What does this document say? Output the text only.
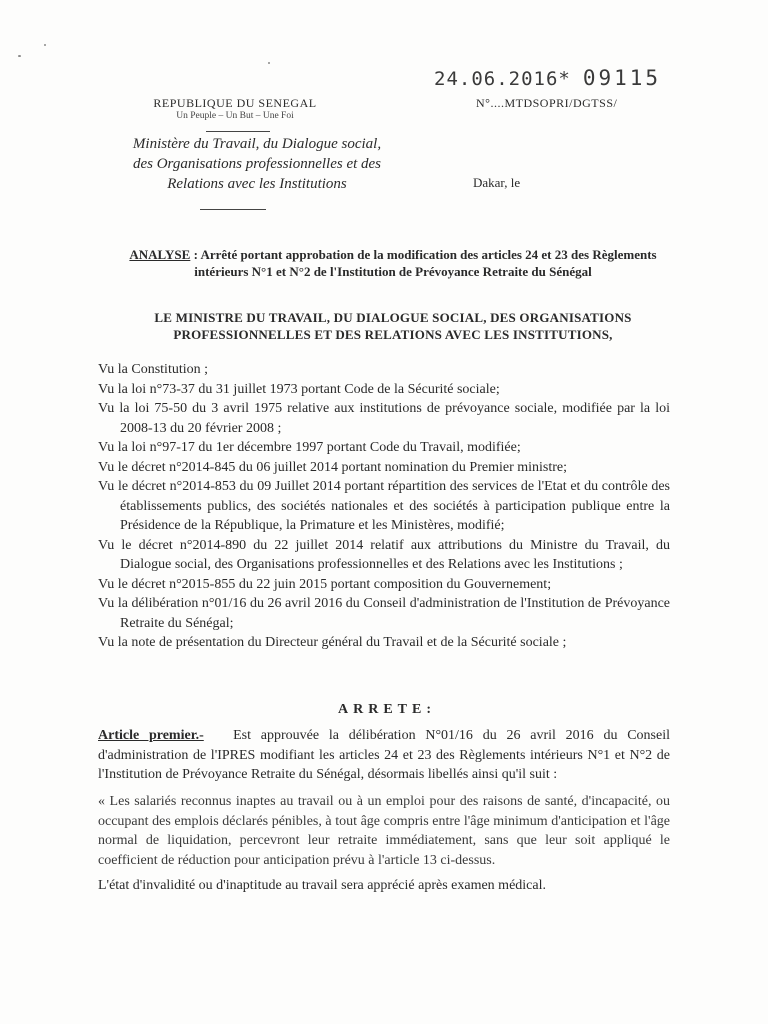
24.06.2016* 09115
N°....MTDSOPRI/DGTSS/
REPUBLIQUE DU SENEGAL
Un Peuple – Un But – Une Foi
Ministère du Travail, du Dialogue social,
des Organisations professionnelles et des
Relations avec les Institutions	Dakar, le
ANALYSE : Arrêté portant approbation de la modification des articles 24 et 23 des Règlements intérieurs N°1 et N°2 de l'Institution de Prévoyance Retraite du Sénégal
LE MINISTRE DU TRAVAIL, DU DIALOGUE SOCIAL, DES ORGANISATIONS PROFESSIONNELLES ET DES RELATIONS AVEC LES INSTITUTIONS,
Vu la Constitution ;
Vu la loi n°73-37 du 31 juillet 1973 portant Code de la Sécurité sociale;
Vu la loi 75-50 du 3 avril 1975 relative aux institutions de prévoyance sociale, modifiée par la loi 2008-13 du 20 février 2008 ;
Vu la loi n°97-17 du 1er décembre 1997 portant Code du Travail, modifiée;
Vu le décret n°2014-845 du 06 juillet 2014 portant nomination du Premier ministre;
Vu le décret n°2014-853 du 09 Juillet 2014 portant répartition des services de l'Etat et du contrôle des établissements publics, des sociétés nationales et des sociétés à participation publique entre la Présidence de la République, la Primature et les Ministères, modifié;
Vu le décret n°2014-890 du 22 juillet 2014 relatif aux attributions du Ministre du Travail, du Dialogue social, des Organisations professionnelles et des Relations avec les Institutions ;
Vu le décret n°2015-855 du 22 juin 2015 portant composition du Gouvernement;
Vu la délibération n°01/16 du 26 avril 2016 du Conseil d'administration de l'Institution de Prévoyance Retraite du Sénégal;
Vu la note de présentation du Directeur général du Travail et de la Sécurité sociale ;
ARRETE:
Article premier.- Est approuvée la délibération N°01/16 du 26 avril 2016 du Conseil d'administration de l'IPRES modifiant les articles 24 et 23 des Règlements intérieurs N°1 et N°2 de l'Institution de Prévoyance Retraite du Sénégal, désormais libellés ainsi qu'il suit :
« Les salariés reconnus inaptes au travail ou à un emploi pour des raisons de santé, d'incapacité, ou occupant des emplois déclarés pénibles, à tout âge compris entre l'âge minimum d'anticipation et l'âge normal de liquidation, percevront leur retraite immédiatement, sans que leur soit appliqué le coefficient de réduction pour anticipation prévu à l'article 13 ci-dessus.
L'état d'invalidité ou d'inaptitude au travail sera apprécié après examen médical.
